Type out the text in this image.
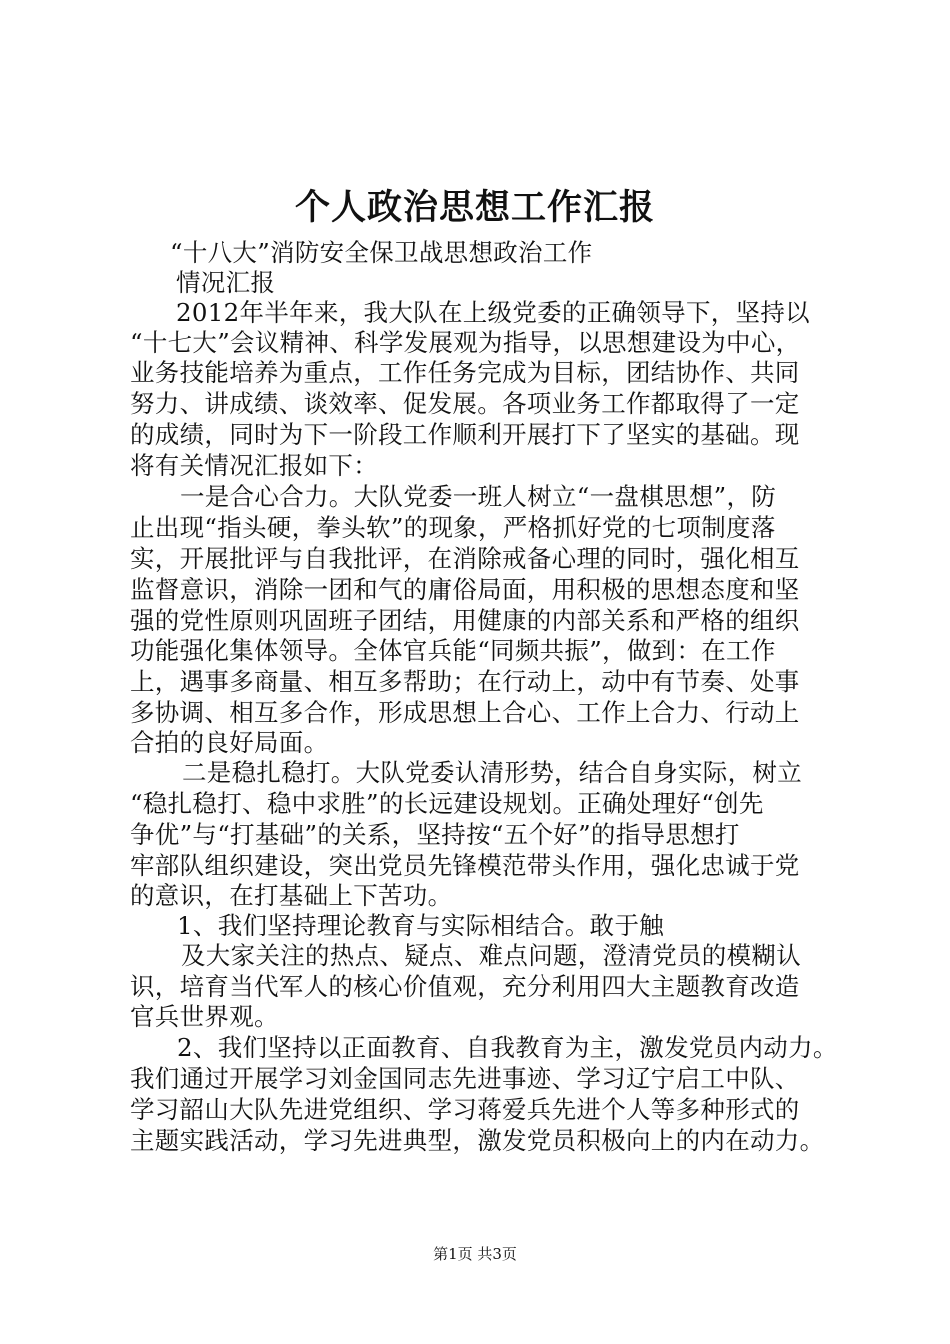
个人政治思想工作汇报
“十八大”消防安全保卫战思想政治工作
情况汇报
2012年半年来，我大队在上级党委的正确领导下，坚持以
“十七大”会议精神、科学发展观为指导，以思想建设为中心，
业务技能培养为重点，工作任务完成为目标，团结协作、共同
努力、讲成绩、谈效率、促发展。各项业务工作都取得了一定
的成绩，同时为下一阶段工作顺利开展打下了坚实的基础。现
将有关情况汇报如下：
一是合心合力。大队党委一班人树立“一盘棋思想”，防
止出现“指头硬，拳头软”的现象，严格抓好党的七项制度落
实，开展批评与自我批评，在消除戒备心理的同时，强化相互
监督意识，消除一团和气的庸俗局面，用积极的思想态度和坚
强的党性原则巩固班子团结，用健康的内部关系和严格的组织
功能强化集体领导。全体官兵能“同频共振”，做到：在工作
上，遇事多商量、相互多帮助；在行动上，动中有节奏、处事
多协调、相互多合作，形成思想上合心、工作上合力、行动上
合拍的良好局面。
二是稳扎稳打。大队党委认清形势，结合自身实际，树立
“稳扎稳打、稳中求胜”的长远建设规划。正确处理好“创先
争优”与“打基础”的关系，坚持按“五个好”的指导思想打
牢部队组织建设，突出党员先锋模范带头作用，强化忠诚于党
的意识，在打基础上下苦功。
1、我们坚持理论教育与实际相结合。敢于触
及大家关注的热点、疑点、难点问题，澄清党员的模糊认
识，培育当代军人的核心价值观，充分利用四大主题教育改造
官兵世界观。
2、我们坚持以正面教育、自我教育为主，激发党员内动力。
我们通过开展学习刘金国同志先进事迹、学习辽宁启工中队、
学习韶山大队先进党组织、学习蒋爱兵先进个人等多种形式的
主题实践活动，学习先进典型，激发党员积极向上的内在动力。
第1页 共3页
